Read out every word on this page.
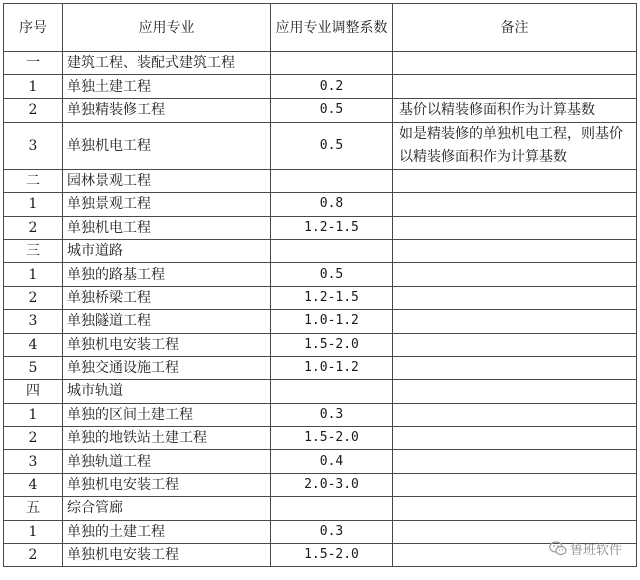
序号	应用专业	应用专业调整系数	备注
一	建筑工程、装配式建筑工程		
1	单独土建工程	0.2	
2	单独精装修工程	0.5	基价以精装修面积作为计算基数
3	单独机电工程	0.5	如是精装修的单独机电工程，则基价以精装修面积作为计算基数
二	园林景观工程		
1	单独景观工程	0.8	
2	单独机电工程	1.2-1.5	
三	城市道路		
1	单独的路基工程	0.5	
2	单独桥梁工程	1.2-1.5	
3	单独隧道工程	1.0-1.2	
4	单独机电安装工程	1.5-2.0	
5	单独交通设施工程	1.0-1.2	
四	城市轨道		
1	单独的区间土建工程	0.3	
2	单独的地铁站土建工程	1.5-2.0	
3	单独轨道工程	0.4	
4	单独机电安装工程	2.0-3.0	
五	综合管廊		
1	单独的土建工程	0.3	
2	单独机电安装工程	1.5-2.0		鲁班软件
